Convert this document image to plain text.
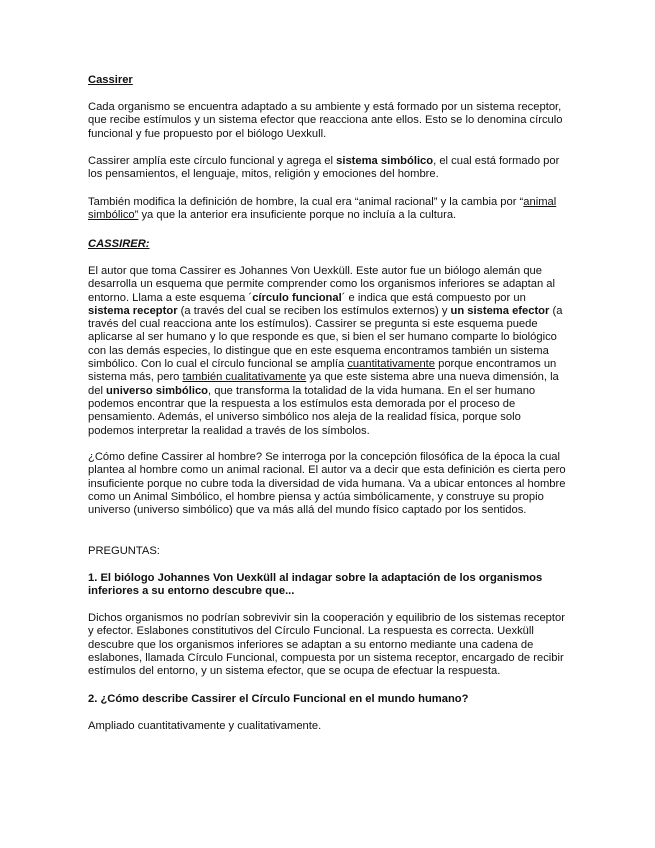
Cassirer

Cada organismo se encuentra adaptado a su ambiente y está formado por un sistema receptor, que recibe estímulos y un sistema efector que reacciona ante ellos. Esto se lo denomina círculo funcional y fue propuesto por el biólogo Uexkull.

Cassirer amplía este círculo funcional y agrega el sistema simbólico, el cual está formado por los pensamientos, el lenguaje, mitos, religión y emociones del hombre.

También modifica la definición de hombre, la cual era “animal racional” y la cambia por “animal simbólico” ya que la anterior era insuficiente porque no incluía a la cultura.

CASSIRER:

El autor que toma Cassirer es Johannes Von Uexküll. Este autor fue un biólogo alemán que desarrolla un esquema que permite comprender como los organismos inferiores se adaptan al entorno. Llama a este esquema ´círculo funcional´ e indica que está compuesto por un sistema receptor (a través del cual se reciben los estímulos externos) y un sistema efector (a través del cual reacciona ante los estímulos). Cassirer se pregunta si este esquema puede aplicarse al ser humano y lo que responde es que, si bien el ser humano comparte lo biológico con las demás especies, lo distingue que en este esquema encontramos también un sistema simbólico. Con lo cual el círculo funcional se amplía cuantitativamente porque encontramos un sistema más, pero también cualitativamente ya que este sistema abre una nueva dimensión, la del universo simbólico, que transforma la totalidad de la vida humana. En el ser humano podemos encontrar que la respuesta a los estímulos esta demorada por el proceso de pensamiento. Además, el universo simbólico nos aleja de la realidad física, porque solo podemos interpretar la realidad a través de los símbolos.

¿Cómo define Cassirer al hombre? Se interroga por la concepción filosófica de la época la cual plantea al hombre como un animal racional. El autor va a decir que esta definición es cierta pero insuficiente porque no cubre toda la diversidad de vida humana. Va a ubicar entonces al hombre como un Animal Simbólico, el hombre piensa y actúa simbólicamente, y construye su propio universo (universo simbólico) que va más allá del mundo físico captado por los sentidos.

PREGUNTAS:

1. El biólogo Johannes Von Uexküll al indagar sobre la adaptación de los organismos inferiores a su entorno descubre que...

Dichos organismos no podrían sobrevivir sin la cooperación y equilibrio de los sistemas receptor y efector. Eslabones constitutivos del Círculo Funcional. La respuesta es correcta. Uexküll descubre que los organismos inferiores se adaptan a su entorno mediante una cadena de eslabones, llamada Círculo Funcional, compuesta por un sistema receptor, encargado de recibir estímulos del entorno, y un sistema efector, que se ocupa de efectuar la respuesta.

2. ¿Cómo describe Cassirer el Círculo Funcional en el mundo humano?

Ampliado cuantitativamente y cualitativamente.
